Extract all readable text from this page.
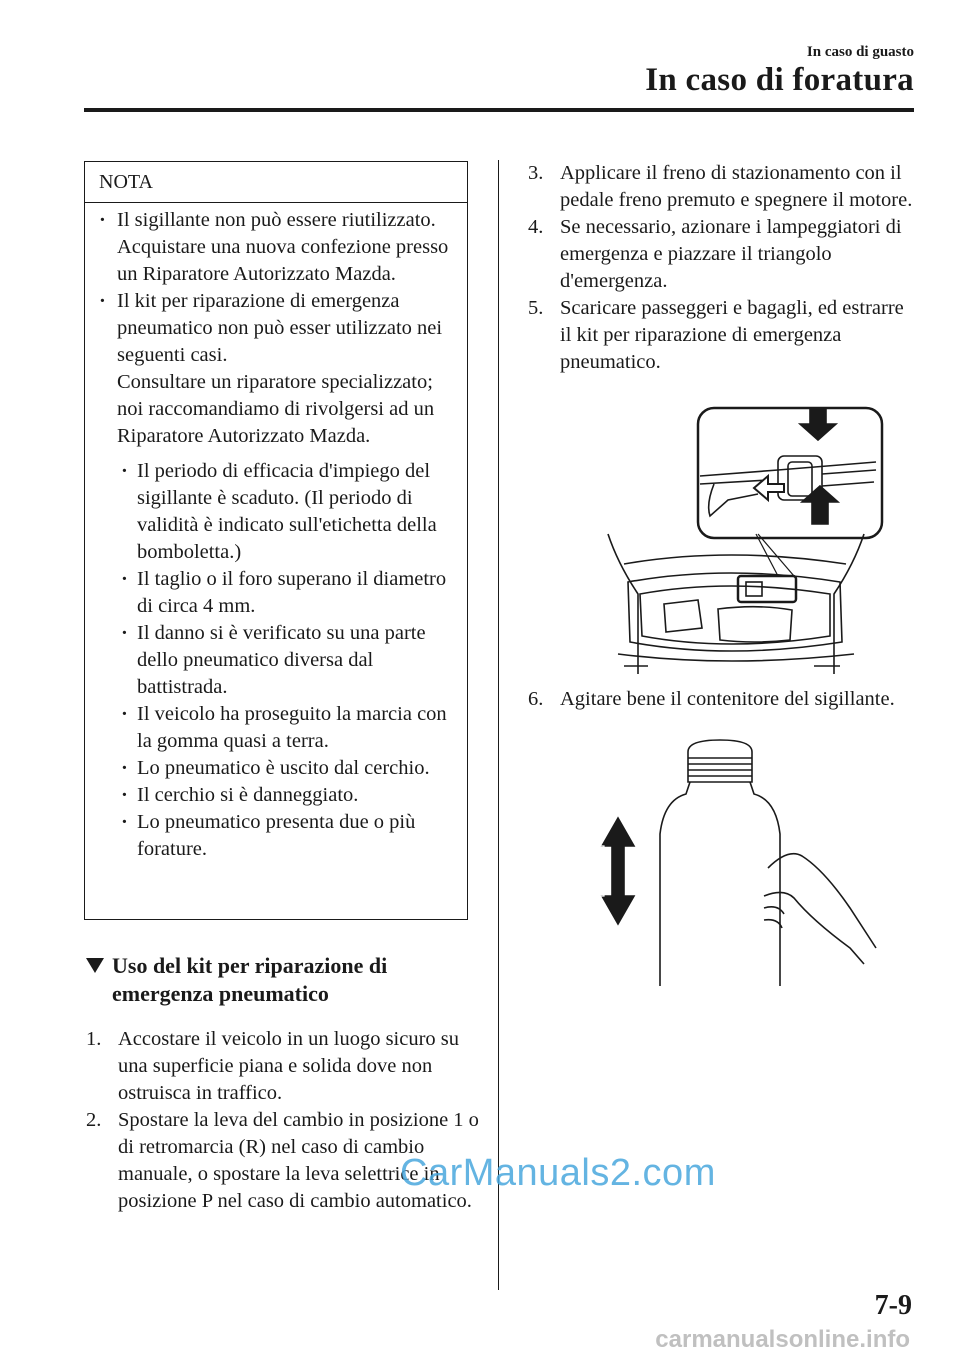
In caso di guasto
In caso di foratura
NOTA
· Il sigillante non può essere riutilizzato. Acquistare una nuova confezione presso un Riparatore Autorizzato Mazda.
· Il kit per riparazione di emergenza pneumatico non può esser utilizzato nei seguenti casi.
Consultare un riparatore specializzato; noi raccomandiamo di rivolgersi ad un Riparatore Autorizzato Mazda.
· Il periodo di efficacia d'impiego del sigillante è scaduto. (Il periodo di validità è indicato sull'etichetta della bomboletta.)
· Il taglio o il foro superano il diametro di circa 4 mm.
· Il danno si è verificato su una parte dello pneumatico diversa dal battistrada.
· Il veicolo ha proseguito la marcia con la gomma quasi a terra.
· Lo pneumatico è uscito dal cerchio.
· Il cerchio si è danneggiato.
· Lo pneumatico presenta due o più forature.
Uso del kit per riparazione di emergenza pneumatico
1. Accostare il veicolo in un luogo sicuro su una superficie piana e solida dove non ostruisca in traffico.
2. Spostare la leva del cambio in posizione 1 o di retromarcia (R) nel caso di cambio manuale, o spostare la leva selettrice in posizione P nel caso di cambio automatico.
3. Applicare il freno di stazionamento con il pedale freno premuto e spegnere il motore.
4. Se necessario, azionare i lampeggiatori di emergenza e piazzare il triangolo d'emergenza.
5. Scaricare passeggeri e bagagli, ed estrarre il kit per riparazione di emergenza pneumatico.
6. Agitare bene il contenitore del sigillante.
CarManuals2.com
7-9
carmanualsonline.info
